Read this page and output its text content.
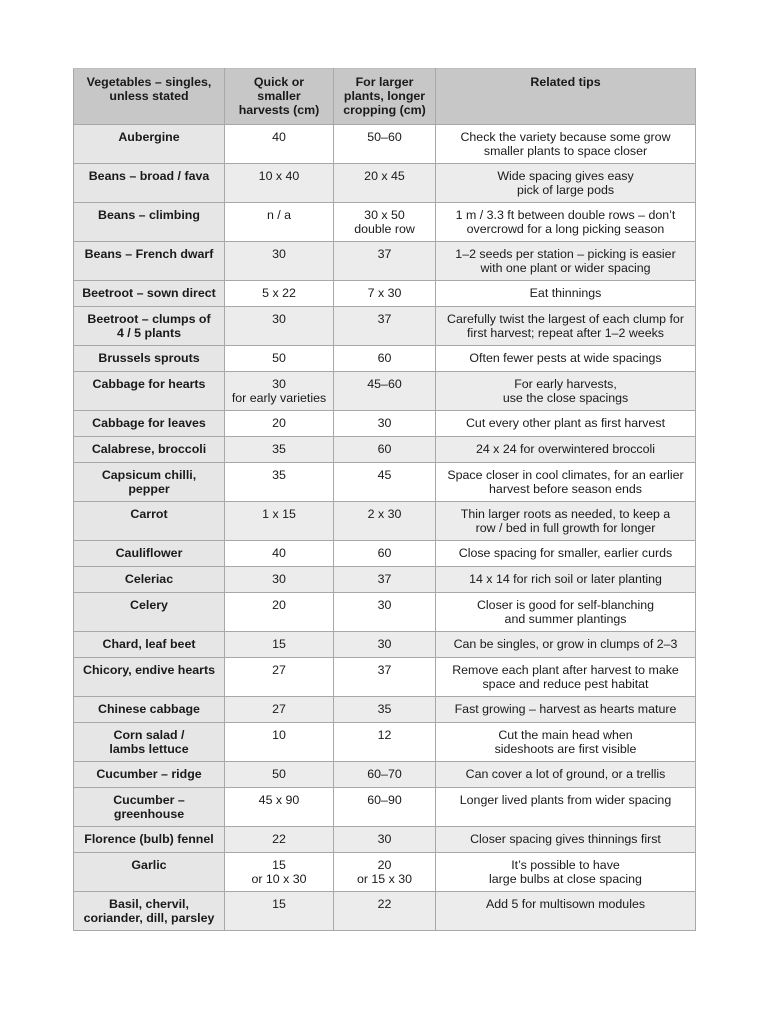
Vegetables – singles,
unless stated	Quick or
smaller
harvests (cm)	For larger
plants, longer
cropping (cm)	Related tips
Aubergine	40	50–60	Check the variety because some grow
smaller plants to space closer
Beans – broad / fava	10 x 40	20 x 45	Wide spacing gives easy
pick of large pods
Beans – climbing	n / a	30 x 50
double row	1 m / 3.3 ft between double rows – don’t
overcrowd for a long picking season
Beans – French dwarf	30	37	1–2 seeds per station – picking is easier
with one plant or wider spacing
Beetroot – sown direct	5 x 22	7 x 30	Eat thinnings
Beetroot – clumps of
4 / 5 plants	30	37	Carefully twist the largest of each clump for
first harvest; repeat after 1–2 weeks
Brussels sprouts	50	60	Often fewer pests at wide spacings
Cabbage for hearts	30
for early varieties	45–60	For early harvests,
use the close spacings
Cabbage for leaves	20	30	Cut every other plant as first harvest
Calabrese, broccoli	35	60	24 x 24 for overwintered broccoli
Capsicum chilli,
pepper	35	45	Space closer in cool climates, for an earlier
harvest before season ends
Carrot	1 x 15	2 x 30	Thin larger roots as needed, to keep a
row / bed in full growth for longer
Cauliflower	40	60	Close spacing for smaller, earlier curds
Celeriac	30	37	14 x 14 for rich soil or later planting
Celery	20	30	Closer is good for self-blanching
and summer plantings
Chard, leaf beet	15	30	Can be singles, or grow in clumps of 2–3
Chicory, endive hearts	27	37	Remove each plant after harvest to make
space and reduce pest habitat
Chinese cabbage	27	35	Fast growing – harvest as hearts mature
Corn salad /
lambs lettuce	10	12	Cut the main head when
sideshoots are first visible
Cucumber – ridge	50	60–70	Can cover a lot of ground, or a trellis
Cucumber –
greenhouse	45 x 90	60–90	Longer lived plants from wider spacing
Florence (bulb) fennel	22	30	Closer spacing gives thinnings first
Garlic	15
or 10 x 30	20
or 15 x 30	It’s possible to have
large bulbs at close spacing
Basil, chervil,
coriander, dill, parsley	15	22	Add 5 for multisown modules
